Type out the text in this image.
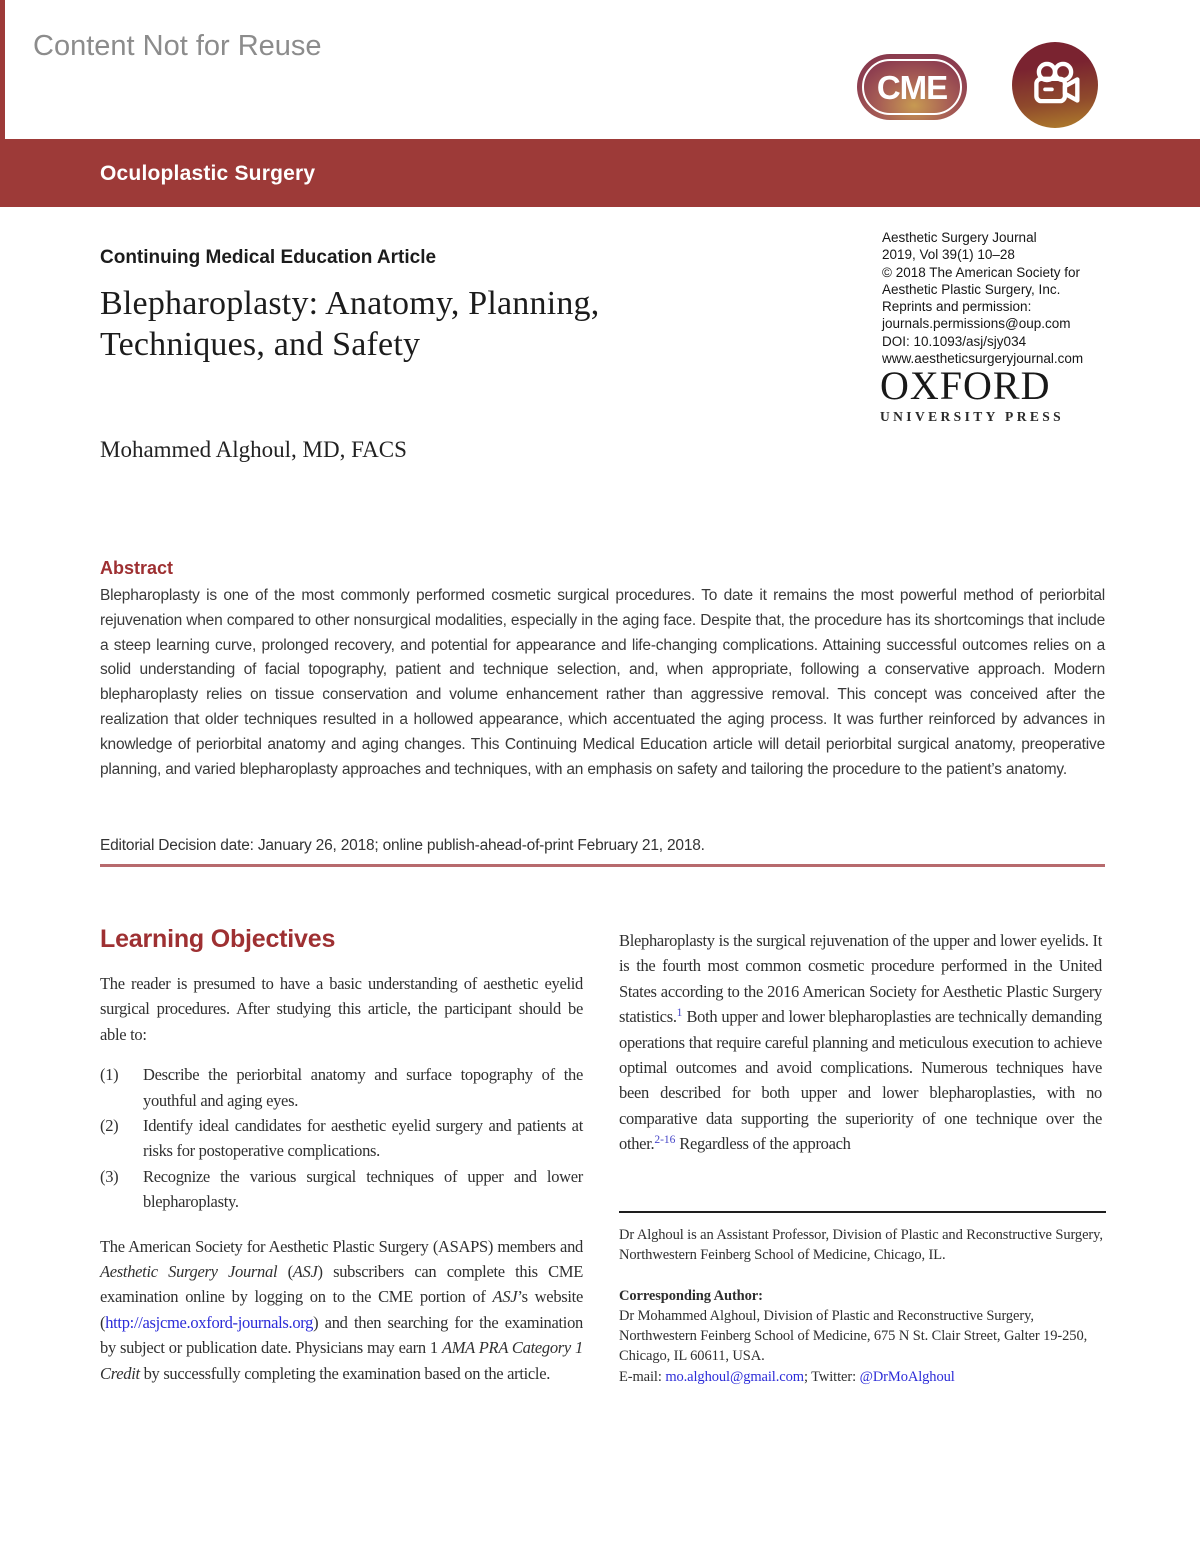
Content Not for Reuse
CME
Oculoplastic Surgery
Continuing Medical Education Article
Blepharoplasty: Anatomy, Planning,
Techniques, and Safety
Aesthetic Surgery Journal
2019, Vol 39(1) 10–28
© 2018 The American Society for
Aesthetic Plastic Surgery, Inc.
Reprints and permission:
journals.permissions@oup.com
DOI: 10.1093/asj/sjy034
www.aestheticsurgeryjournal.com
OXFORD
UNIVERSITY PRESS
Mohammed Alghoul, MD, FACS
Abstract
Blepharoplasty is one of the most commonly performed cosmetic surgical procedures. To date it remains the most powerful method of periorbital rejuvenation when compared to other nonsurgical modalities, especially in the aging face. Despite that, the procedure has its shortcomings that include a steep learning curve, prolonged recovery, and potential for appearance and life-changing complications. Attaining successful outcomes relies on a solid understanding of facial topography, patient and technique selection, and, when appropriate, following a conservative approach. Modern blepharoplasty relies on tissue conservation and volume enhancement rather than aggressive removal. This concept was conceived after the realization that older techniques resulted in a hollowed appearance, which accentuated the aging process. It was further reinforced by advances in knowledge of periorbital anatomy and aging changes. This Continuing Medical Education article will detail periorbital surgical anatomy, preoperative planning, and varied blepharoplasty approaches and techniques, with an emphasis on safety and tailoring the procedure to the patient’s anatomy.
Editorial Decision date: January 26, 2018; online publish-ahead-of-print February 21, 2018.
Learning Objectives
The reader is presumed to have a basic understanding of aesthetic eyelid surgical procedures. After studying this article, the participant should be able to:
(1)	Describe the periorbital anatomy and surface topography of the youthful and aging eyes.
(2)	Identify ideal candidates for aesthetic eyelid surgery and patients at risks for postoperative complications.
(3)	Recognize the various surgical techniques of upper and lower blepharoplasty.
The American Society for Aesthetic Plastic Surgery (ASAPS) members and Aesthetic Surgery Journal (ASJ) subscribers can complete this CME examination online by logging on to the CME portion of ASJ’s website (http://asjcme.oxford-journals.org) and then searching for the examination by subject or publication date. Physicians may earn 1 AMA PRA Category 1 Credit by successfully completing the examination based on the article.
Blepharoplasty is the surgical rejuvenation of the upper and lower eyelids. It is the fourth most common cosmetic procedure performed in the United States according to the 2016 American Society for Aesthetic Plastic Surgery statistics.$^1$ Both upper and lower blepharoplasties are technically demanding operations that require careful planning and meticulous execution to achieve optimal outcomes and avoid complications. Numerous techniques have been described for both upper and lower blepharoplasties, with no comparative data supporting the superiority of one technique over the other.$^{2-16}$ Regardless of the approach
Dr Alghoul is an Assistant Professor, Division of Plastic and Reconstructive Surgery, Northwestern Feinberg School of Medicine, Chicago, IL.
Corresponding Author:
Dr Mohammed Alghoul, Division of Plastic and Reconstructive Surgery, Northwestern Feinberg School of Medicine, 675 N St. Clair Street, Galter 19-250, Chicago, IL 60611, USA.
E-mail: mo.alghoul@gmail.com; Twitter: @DrMoAlghoul
